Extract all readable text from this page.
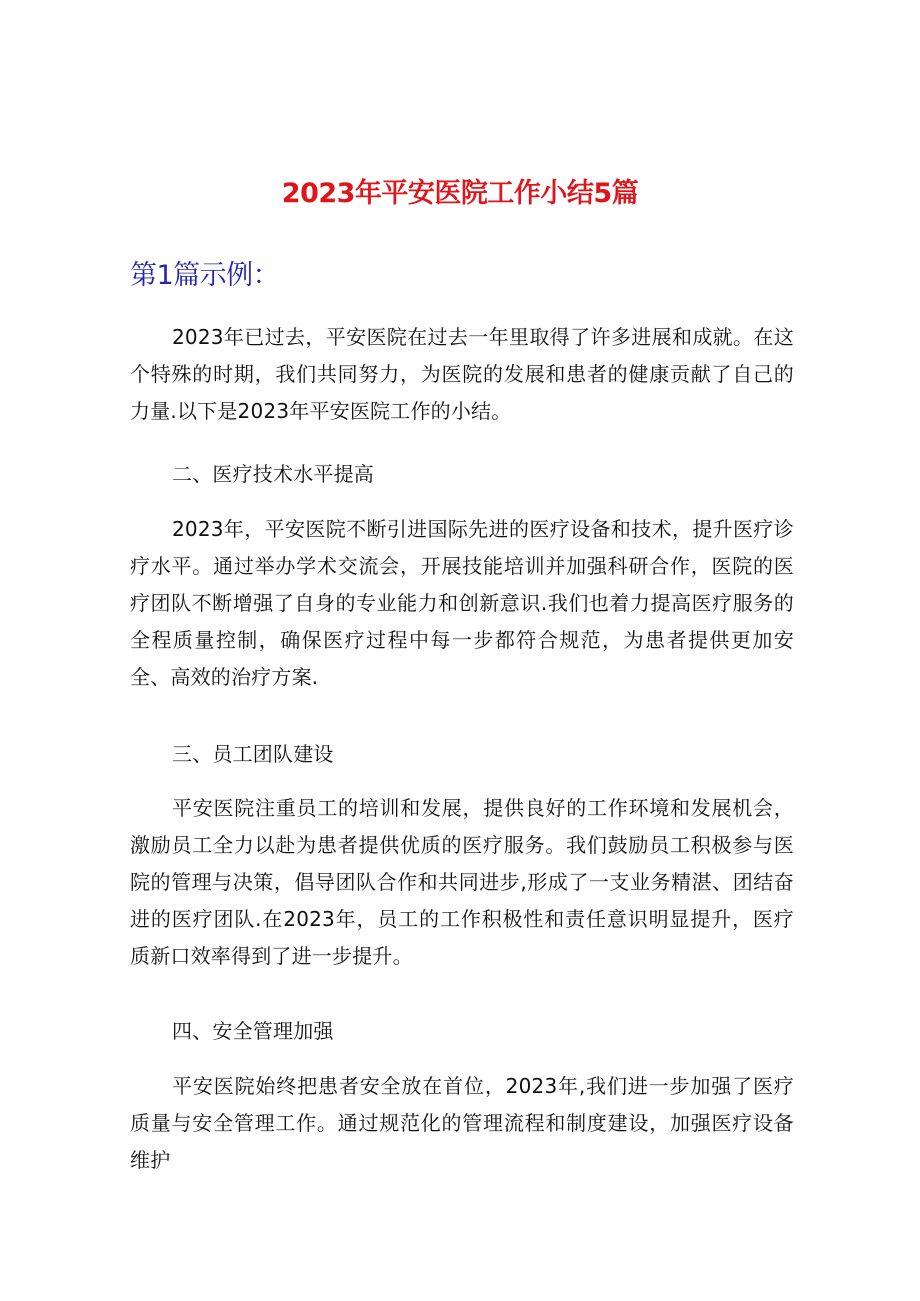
2023年平安医院工作小结5篇
第1篇示例：

2023年已过去，平安医院在过去一年里取得了许多进展和成就。在这个特殊的时期，我们共同努力，为医院的发展和患者的健康贡献了自己的力量.以下是2023年平安医院工作的小结。

二、医疗技术水平提高

2023年，平安医院不断引进国际先进的医疗设备和技术，提升医疗诊疗水平。通过举办学术交流会，开展技能培训并加强科研合作，医院的医疗团队不断增强了自身的专业能力和创新意识.我们也着力提高医疗服务的全程质量控制，确保医疗过程中每一步都符合规范，为患者提供更加安全、高效的治疗方案.

三、员工团队建设

平安医院注重员工的培训和发展，提供良好的工作环境和发展机会，激励员工全力以赴为患者提供优质的医疗服务。我们鼓励员工积极参与医院的管理与决策，倡导团队合作和共同进步,形成了一支业务精湛、团结奋进的医疗团队.在2023年，员工的工作积极性和责任意识明显提升，医疗质新口效率得到了进一步提升。

四、安全管理加强

平安医院始终把患者安全放在首位，2023年,我们进一步加强了医疗质量与安全管理工作。通过规范化的管理流程和制度建设，加强医疗设备维护
